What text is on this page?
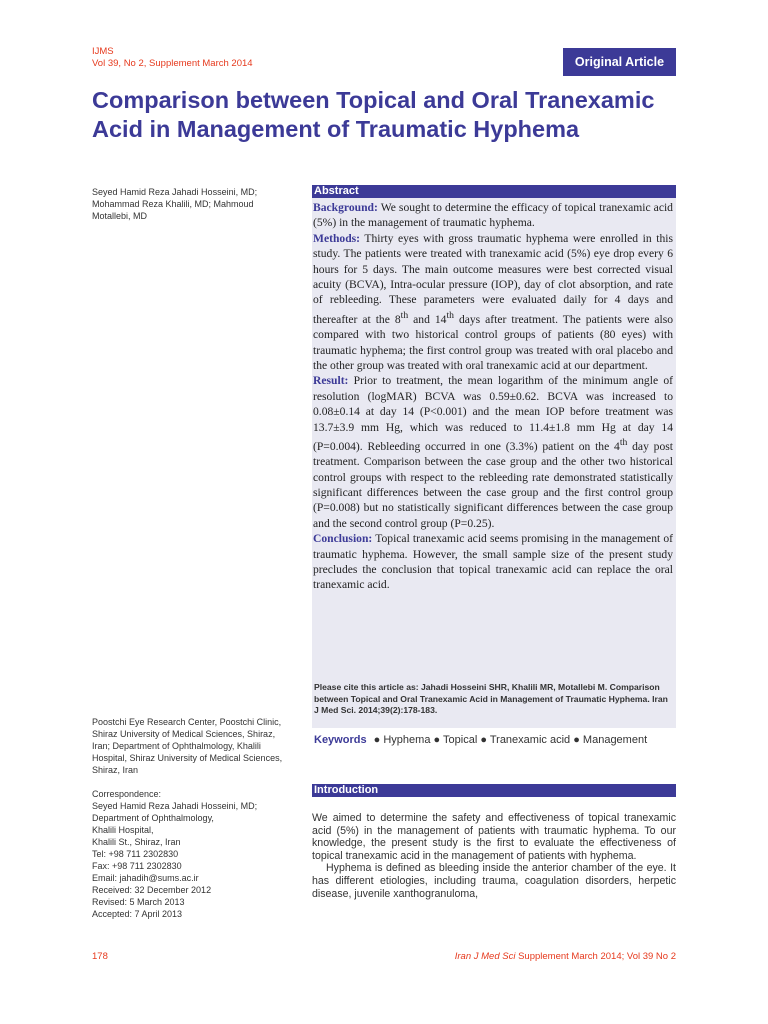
IJMS
Vol 39, No 2, Supplement March 2014	Original Article
Comparison between Topical and Oral Tranexamic Acid in Management of Traumatic Hyphema
Seyed Hamid Reza Jahadi Hosseini, MD; Mohammad Reza Khalili, MD; Mahmoud Motallebi, MD
Poostchi Eye Research Center, Poostchi Clinic, Shiraz University of Medical Sciences, Shiraz, Iran; Department of Ophthalmology, Khalili Hospital, Shiraz University of Medical Sciences, Shiraz, Iran
Correspondence:
Seyed Hamid Reza Jahadi Hosseini, MD;
Department of Ophthalmology,
Khalili Hospital,
Khalili St., Shiraz, Iran
Tel: +98 711 2302830
Fax: +98 711 2302830
Email: jahadih@sums.ac.ir
Received: 32 December 2012
Revised: 5 March 2013
Accepted: 7 April 2013
Abstract

Background: We sought to determine the efficacy of topical tranexamic acid (5%) in the management of traumatic hyphema.

Methods: Thirty eyes with gross traumatic hyphema were enrolled in this study. The patients were treated with tranexamic acid (5%) eye drop every 6 hours for 5 days. The main outcome measures were best corrected visual acuity (BCVA), Intra-ocular pressure (IOP), day of clot absorption, and rate of rebleeding. These parameters were evaluated daily for 4 days and thereafter at the 8th and 14th days after treatment. The patients were also compared with two historical control groups of patients (80 eyes) with traumatic hyphema; the first control group was treated with oral placebo and the other group was treated with oral tranexamic acid at our department.

Result: Prior to treatment, the mean logarithm of the minimum angle of resolution (logMAR) BCVA was 0.59±0.62. BCVA was increased to 0.08±0.14 at day 14 (P<0.001) and the mean IOP before treatment was 13.7±3.9 mm Hg, which was reduced to 11.4±1.8 mm Hg at day 14 (P=0.004). Rebleeding occurred in one (3.3%) patient on the 4th day post treatment. Comparison between the case group and the other two historical control groups with respect to the rebleeding rate demonstrated statistically significant differences between the case group and the first control group (P=0.008) but no statistically significant differences between the case group and the second control group (P=0.25).

Conclusion: Topical tranexamic acid seems promising in the management of traumatic hyphema. However, the small sample size of the present study precludes the conclusion that topical tranexamic acid can replace the oral tranexamic acid.

Please cite this article as: Jahadi Hosseini SHR, Khalili MR, Motallebi M. Comparison between Topical and Oral Tranexamic Acid in Management of Traumatic Hyphema. Iran J Med Sci. 2014;39(2):178-183.

Keywords ● Hyphema ● Topical ● Tranexamic acid ● Management
Introduction

We aimed to determine the safety and effectiveness of topical tranexamic acid (5%) in the management of patients with traumatic hyphema. To our knowledge, the present study is the first to evaluate the effectiveness of topical tranexamic acid in the management of patients with hyphema.

Hyphema is defined as bleeding inside the anterior chamber of the eye. It has different etiologies, including trauma, coagulation disorders, herpetic disease, juvenile xanthogranuloma,

178	Iran J Med Sci Supplement March 2014; Vol 39 No 2
